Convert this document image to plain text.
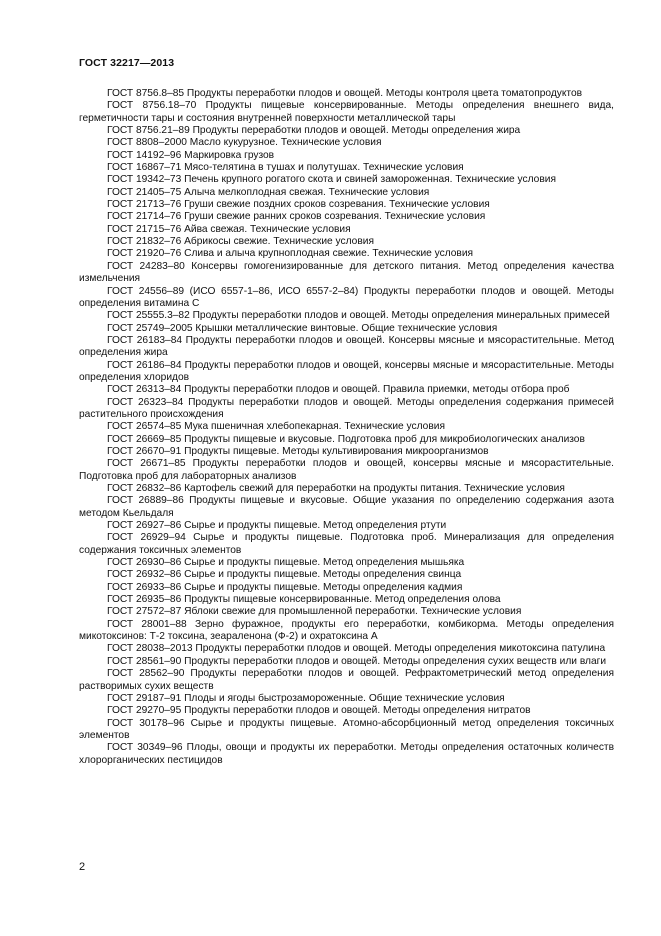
ГОСТ 32217—2013

ГОСТ 8756.8–85 Продукты переработки плодов и овощей. Методы контроля цвета томатопродуктов

ГОСТ 8756.18–70 Продукты пищевые консервированные. Методы определения внешнего вида, герметичности тары и состояния внутренней поверхности металлической тары

ГОСТ 8756.21–89 Продукты переработки плодов и овощей. Методы определения жира

ГОСТ 8808–2000 Масло кукурузное. Технические условия

ГОСТ 14192–96 Маркировка грузов

ГОСТ 16867–71 Мясо-телятина в тушах и полутушах. Технические условия

ГОСТ 19342–73 Печень крупного рогатого скота и свиней замороженная. Технические условия

ГОСТ 21405–75 Алыча мелкоплодная свежая. Технические условия

ГОСТ 21713–76 Груши свежие поздних сроков созревания. Технические условия

ГОСТ 21714–76 Груши свежие ранних сроков созревания. Технические условия

ГОСТ 21715–76 Айва свежая. Технические условия

ГОСТ 21832–76 Абрикосы свежие. Технические условия

ГОСТ 21920–76 Слива и алыча крупноплодная свежие. Технические условия

ГОСТ 24283–80 Консервы гомогенизированные для детского питания. Метод определения качества измельчения

ГОСТ 24556–89 (ИСО 6557-1–86, ИСО 6557-2–84) Продукты переработки плодов и овощей. Методы определения витамина С

ГОСТ 25555.3–82 Продукты переработки плодов и овощей. Методы определения минеральных примесей

ГОСТ 25749–2005 Крышки металлические винтовые. Общие технические условия

ГОСТ 26183–84 Продукты переработки плодов и овощей. Консервы мясные и мясорастительные. Метод определения жира

ГОСТ 26186–84 Продукты переработки плодов и овощей, консервы мясные и мясорастительные. Методы определения хлоридов

ГОСТ 26313–84 Продукты переработки плодов и овощей. Правила приемки, методы отбора проб

ГОСТ 26323–84 Продукты переработки плодов и овощей. Методы определения содержания примесей растительного происхождения

ГОСТ 26574–85 Мука пшеничная хлебопекарная. Технические условия

ГОСТ 26669–85 Продукты пищевые и вкусовые. Подготовка проб для микробиологических анализов

ГОСТ 26670–91 Продукты пищевые. Методы культивирования микроорганизмов

ГОСТ 26671–85 Продукты переработки плодов и овощей, консервы мясные и мясорастительные. Подготовка проб для лабораторных анализов

ГОСТ 26832–86 Картофель свежий для переработки на продукты питания. Технические условия

ГОСТ 26889–86 Продукты пищевые и вкусовые. Общие указания по определению содержания азота методом Кьельдаля

ГОСТ 26927–86 Сырье и продукты пищевые. Метод определения ртути

ГОСТ 26929–94 Сырье и продукты пищевые. Подготовка проб. Минерализация для определения содержания токсичных элементов

ГОСТ 26930–86 Сырье и продукты пищевые. Метод определения мышьяка

ГОСТ 26932–86 Сырье и продукты пищевые. Методы определения свинца

ГОСТ 26933–86 Сырье и продукты пищевые. Методы определения кадмия

ГОСТ 26935–86 Продукты пищевые консервированные. Метод определения олова

ГОСТ 27572–87 Яблоки свежие для промышленной переработки. Технические условия

ГОСТ 28001–88 Зерно фуражное, продукты его переработки, комбикорма. Методы определения микотоксинов: Т-2 токсина, зеараленона (Ф-2) и охратоксина А

ГОСТ 28038–2013 Продукты переработки плодов и овощей. Методы определения микотоксина патулина

ГОСТ 28561–90 Продукты переработки плодов и овощей. Методы определения сухих веществ или влаги

ГОСТ 28562–90 Продукты переработки плодов и овощей. Рефрактометрический метод определения растворимых сухих веществ

ГОСТ 29187–91 Плоды и ягоды быстрозамороженные. Общие технические условия

ГОСТ 29270–95 Продукты переработки плодов и овощей. Методы определения нитратов

ГОСТ 30178–96 Сырье и продукты пищевые. Атомно-абсорбционный метод определения токсичных элементов

ГОСТ 30349–96 Плоды, овощи и продукты их переработки. Методы определения остаточных количеств хлорорганических пестицидов

2
